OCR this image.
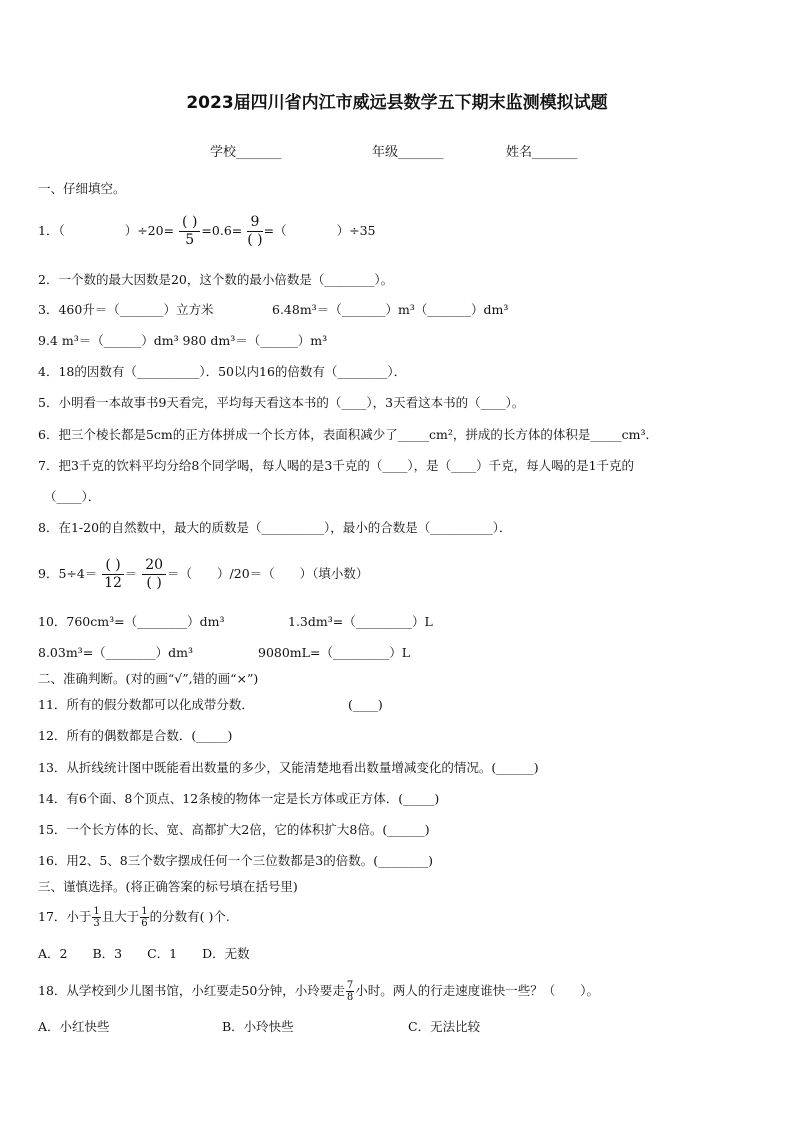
2023届四川省内江市威远县数学五下期末监测模拟试题
学校_______	年级_______	姓名_______
一、仔细填空。
1．（	）$\div 20= \frac{( )}{5} =0.6= \frac{9}{( )}$ =（	）÷35
2．一个数的最大因数是20，这个数的最小倍数是（________）。
3．460升＝（_______）立方米	6.48m³＝（_______）m³（_______）dm³
9.4 m³＝（______）dm³ 980 dm³＝（______）m³
4．18的因数有（__________）．50以内16的倍数有（________）．
5．小明看一本故事书9天看完，平均每天看这本书的（____），3天看这本书的（____）。
6．把三个棱长都是5cm的正方体拼成一个长方体，表面积减少了_____cm²，拼成的长方体的体积是_____cm³．
7．把3千克的饮料平均分给8个同学喝，每人喝的是3千克的（____），是（____）千克，每人喝的是1千克的
（____）．
8．在1-20的自然数中，最大的质数是（__________），最小的合数是（__________）．
9．$5\div 4= \frac{( )}{12} = \frac{20}{( )}$ ＝（　　）/20＝（　　）（填小数）
10．760cm³=（________）dm³	1.3dm³=（_________）L
8.03m³=（________）dm³	9080mL=（_________）L
二、准确判断。(对的画“√”,错的画“×”)
11．所有的假分数都可以化成带分数．	(____)
12．所有的偶数都是合数．(_____)
13．从折线统计图中既能看出数量的多少，又能清楚地看出数量增减变化的情况。(______)
14．有6个面、8个顶点、12条棱的物体一定是长方体或正方体．(_____)
15．一个长方体的长、宽、高都扩大2倍，它的体积扩大8倍。(______)
16．用2、5、8三个数字摆成任何一个三位数都是3的倍数。(________)
三、谨慎选择。(将正确答案的标号填在括号里)
17．小于 $\frac{1}{3}$ 且大于 $\frac{1}{6}$ 的分数有( )个.
A．2　　B．3　　C．1　　D．无数
18．从学校到少儿图书馆，小红要走50分钟，小玲要走 $\frac{7}{8}$ 小时。两人的行走速度谁快一些？（　　）。
A．小红快些	B．小玲快些	C．无法比较
